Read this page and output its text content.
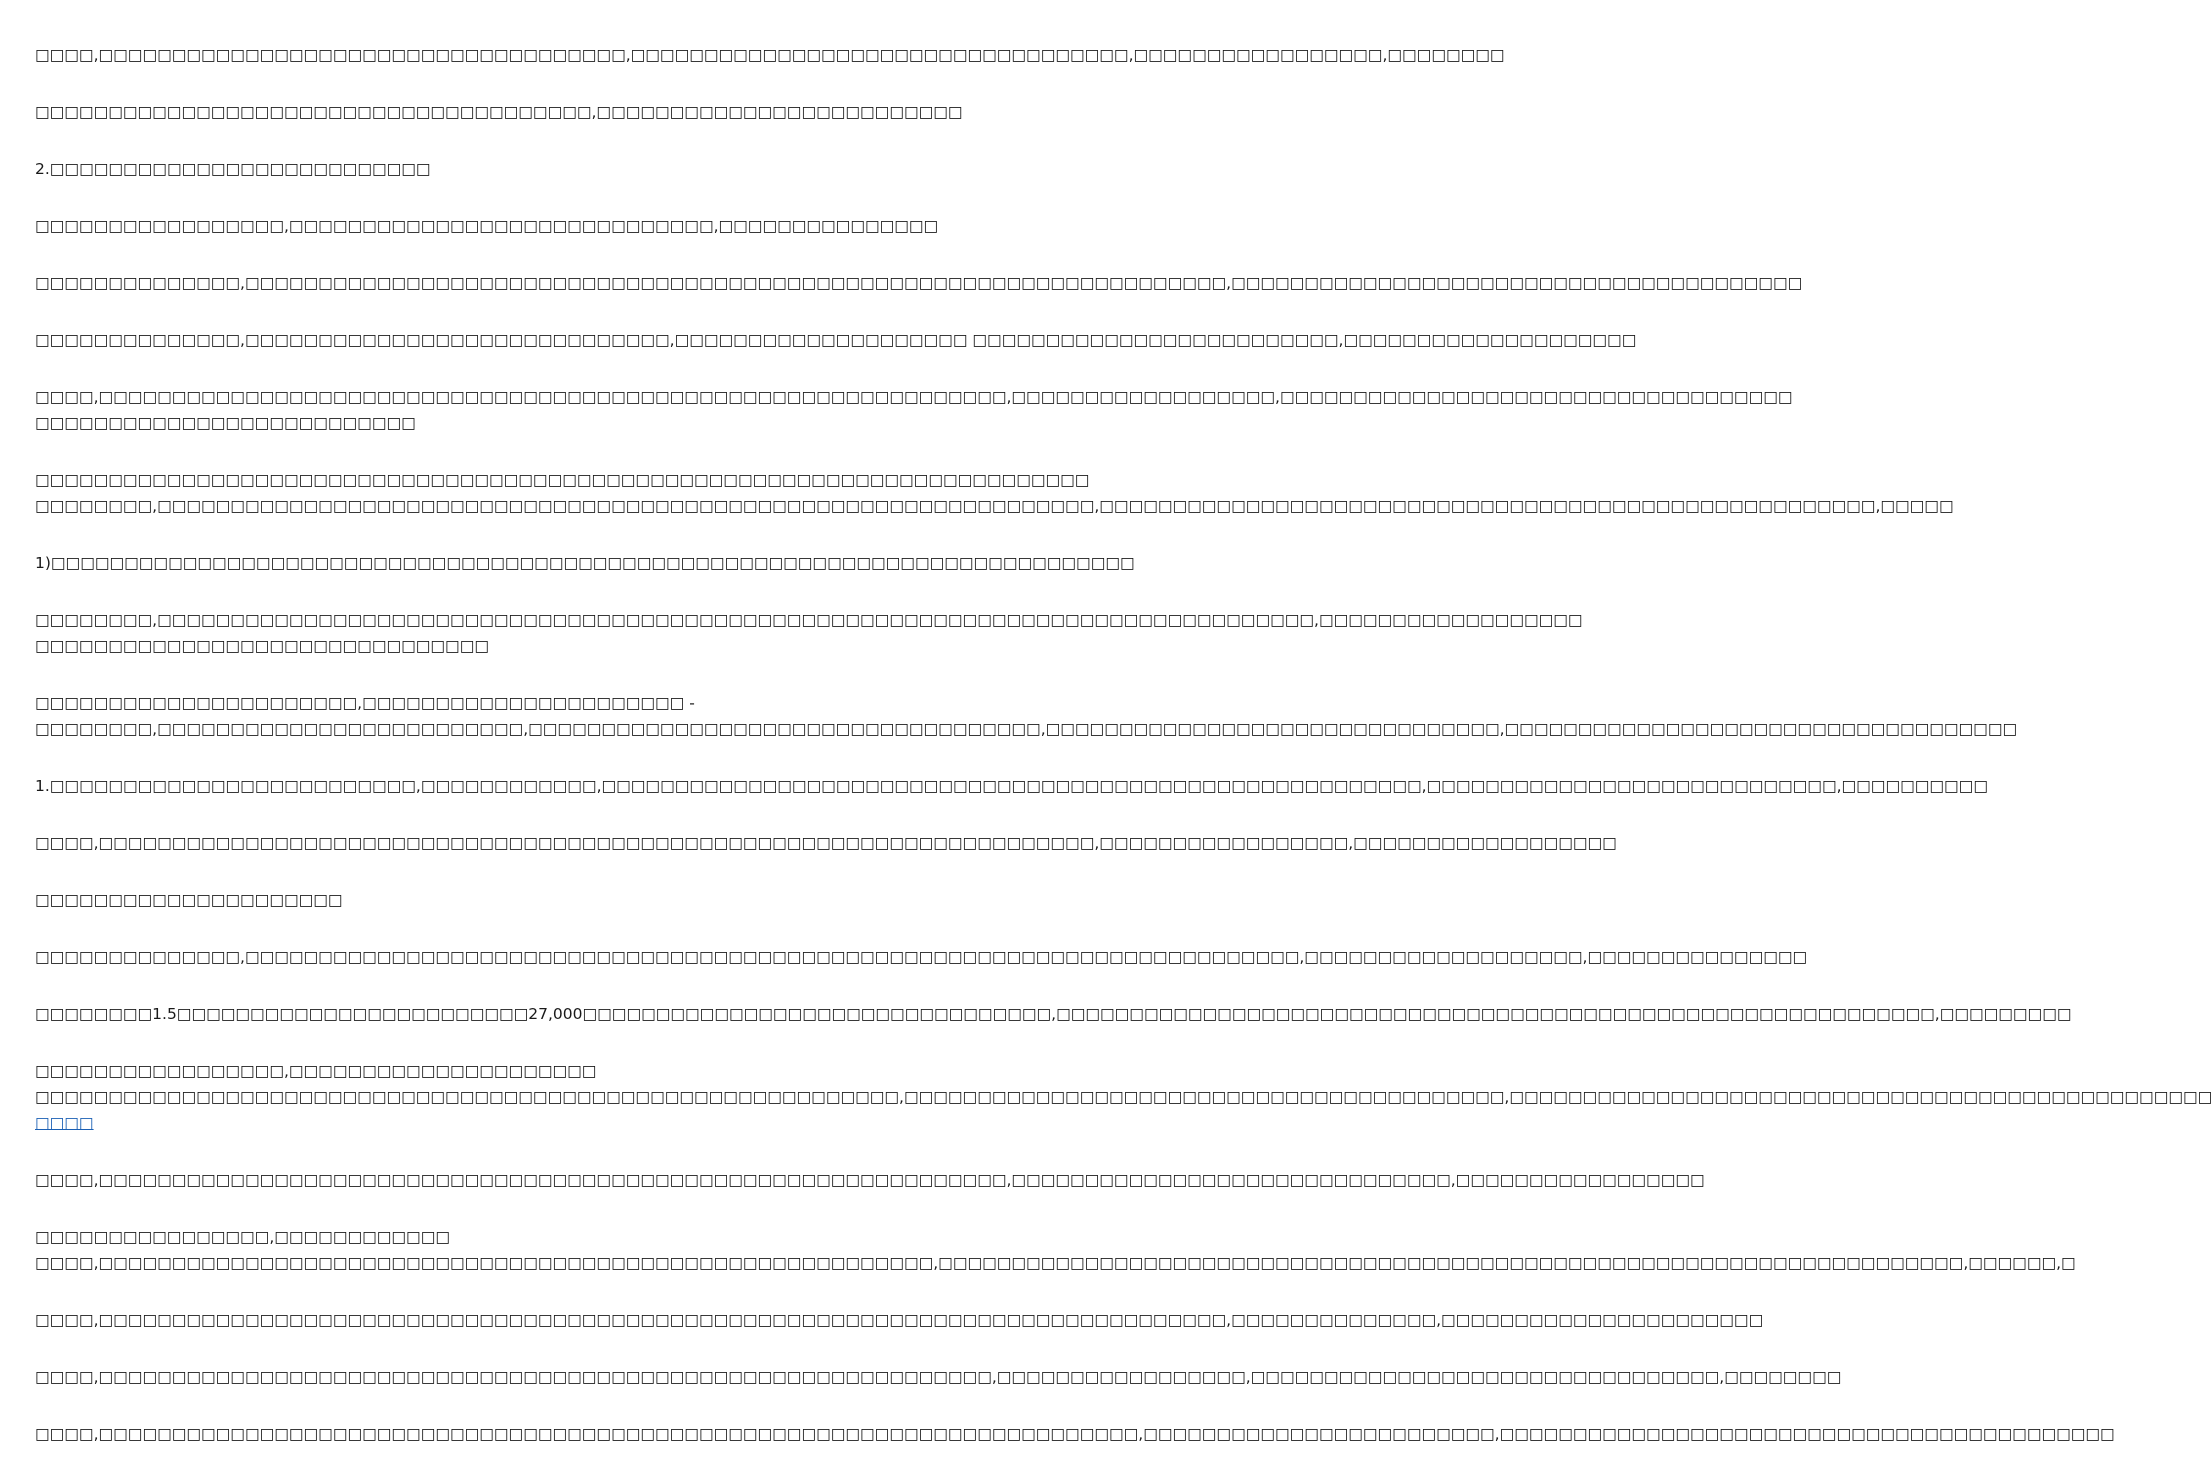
□□□□,□□□□□□□□□□□□□□□□□□□□□□□□□□□□□□□□□□□□,□□□□□□□□□□□□□□□□□□□□□□□□□□□□□□□□□□,□□□□□□□□□□□□□□□□□,□□□□□□□□
□□□□□□□□□□□□□□□□□□□□□□□□□□□□□□□□□□□□□□,□□□□□□□□□□□□□□□□□□□□□□□□□
2.□□□□□□□□□□□□□□□□□□□□□□□□□□
□□□□□□□□□□□□□□□□□,□□□□□□□□□□□□□□□□□□□□□□□□□□□□□,□□□□□□□□□□□□□□□
□□□□□□□□□□□□□□,□□□□□□□□□□□□□□□□□□□□□□□□□□□□□□□□□□□□□□□□□□□□□□□□□□□□□□□□□□□□□□□□□□□,□□□□□□□□□□□□□□□□□□□□□□□□□□□□□□□□□□□□□□□
□□□□□□□□□□□□□□,□□□□□□□□□□□□□□□□□□□□□□□□□□□□□,□□□□□□□□□□□□□□□□□□□□ □□□□□□□□□□□□□□□□□□□□□□□□□,□□□□□□□□□□□□□□□□□□□□
□□□□,□□□□□□□□□□□□□□□□□□□□□□□□□□□□□□□□□□□□□□□□□□□□□□□□□□□□□□□□□□□□□□,□□□□□□□□□□□□□□□□□□,□□□□□□□□□□□□□□□□□□□□□□□□□□□□□□□□□□□
□□□□□□□□□□□□□□□□□□□□□□□□□□
□□□□□□□□□□□□□□□□□□□□□□□□□□□□□□□□□□□□□□□□□□□□□□□□□□□□□□□□□□□□□□□□□□□□□□□□
□□□□□□□□,□□□□□□□□□□□□□□□□□□□□□□□□□□□□□□□□□□□□□□□□□□□□□□□□□□□□□□□□□□□□□□□□,□□□□□□□□□□□□□□□□□□□□□□□□□□□□□□□□□□□□□□□□□□□□□□□□□□□□□,□□□□□
1)□□□□□□□□□□□□□□□□□□□□□□□□□□□□□□□□□□□□□□□□□□□□□□□□□□□□□□□□□□□□□□□□□□□□□□□□□□
□□□□□□□□,□□□□□□□□□□□□□□□□□□□□□□□□□□□□□□□□□□□□□□□□□□□□□□□□□□□□□□□□□□□□□□□□□□□□□□□□□□□□□□□,□□□□□□□□□□□□□□□□□□
□□□□□□□□□□□□□□□□□□□□□□□□□□□□□□□
□□□□□□□□□□□□□□□□□□□□□□,□□□□□□□□□□□□□□□□□□□□□□ -
□□□□□□□□,□□□□□□□□□□□□□□□□□□□□□□□□□,□□□□□□□□□□□□□□□□□□□□□□□□□□□□□□□□□□□,□□□□□□□□□□□□□□□□□□□□□□□□□□□□□□□,□□□□□□□□□□□□□□□□□□□□□□□□□□□□□□□□□□□
1.□□□□□□□□□□□□□□□□□□□□□□□□□,□□□□□□□□□□□□,□□□□□□□□□□□□□□□□□□□□□□□□□□□□□□□□□□□□□□□□□□□□□□□□□□□□□□□□,□□□□□□□□□□□□□□□□□□□□□□□□□□□□,□□□□□□□□□□
□□□□,□□□□□□□□□□□□□□□□□□□□□□□□□□□□□□□□□□□□□□□□□□□□□□□□□□□□□□□□□□□□□□□□□□□□,□□□□□□□□□□□□□□□□□,□□□□□□□□□□□□□□□□□□
□□□□□□□□□□□□□□□□□□□□□
□□□□□□□□□□□□□□,□□□□□□□□□□□□□□□□□□□□□□□□□□□□□□□□□□□□□□□□□□□□□□□□□□□□□□□□□□□□□□□□□□□□□□□□,□□□□□□□□□□□□□□□□□□□,□□□□□□□□□□□□□□□
□□□□□□□□1.5□□□□□□□□□□□□□□□□□□□□□□□□27,000□□□□□□□□□□□□□□□□□□□□□□□□□□□□□□□□,□□□□□□□□□□□□□□□□□□□□□□□□□□□□□□□□□□□□□□□□□□□□□□□□□□□□□□□□□□□□,□□□□□□□□□
□□□□□□□□□□□□□□□□□,□□□□□□□□□□□□□□□□□□□□□
□□□□□□□□□□□□□□□□□□□□□□□□□□□□□□□□□□□□□□□□□□□□□□□□□□□□□□□□□□□,□□□□□□□□□□□□□□□□□□□□□□□□□□□□□□□□□□□□□□□□□,□□□□□□□□□□□□□□□□□□□□□□□□□□□□□□□□□□□□□□□□□□□□□□□□
□□□□
□□□□,□□□□□□□□□□□□□□□□□□□□□□□□□□□□□□□□□□□□□□□□□□□□□□□□□□□□□□□□□□□□□□,□□□□□□□□□□□□□□□□□□□□□□□□□□□□□□,□□□□□□□□□□□□□□□□□
□□□□□□□□□□□□□□□□,□□□□□□□□□□□□
□□□□,□□□□□□□□□□□□□□□□□□□□□□□□□□□□□□□□□□□□□□□□□□□□□□□□□□□□□□□□□,□□□□□□□□□□□□□□□□□□□□□□□□□□□□□□□□□□□□□□□□□□□□□□□□□□□□□□□□□□□□□□□□□□□□□□,□□□□□□,□
□□□□,□□□□□□□□□□□□□□□□□□□□□□□□□□□□□□□□□□□□□□□□□□□□□□□□□□□□□□□□□□□□□□□□□□□□□□□□□□□□□,□□□□□□□□□□□□□□,□□□□□□□□□□□□□□□□□□□□□□
□□□□,□□□□□□□□□□□□□□□□□□□□□□□□□□□□□□□□□□□□□□□□□□□□□□□□□□□□□□□□□□□□□,□□□□□□□□□□□□□□□□□,□□□□□□□□□□□□□□□□□□□□□□□□□□□□□□□□,□□□□□□□□
□□□□,□□□□□□□□□□□□□□□□□□□□□□□□□□□□□□□□□□□□□□□□□□□□□□□□□□□□□□□□□□□□□□□□□□□□□□□,□□□□□□□□□□□□□□□□□□□□□□□□,□□□□□□□□□□□□□□□□□□□□□□□□□□□□□□□□□□□□□□□□□□
